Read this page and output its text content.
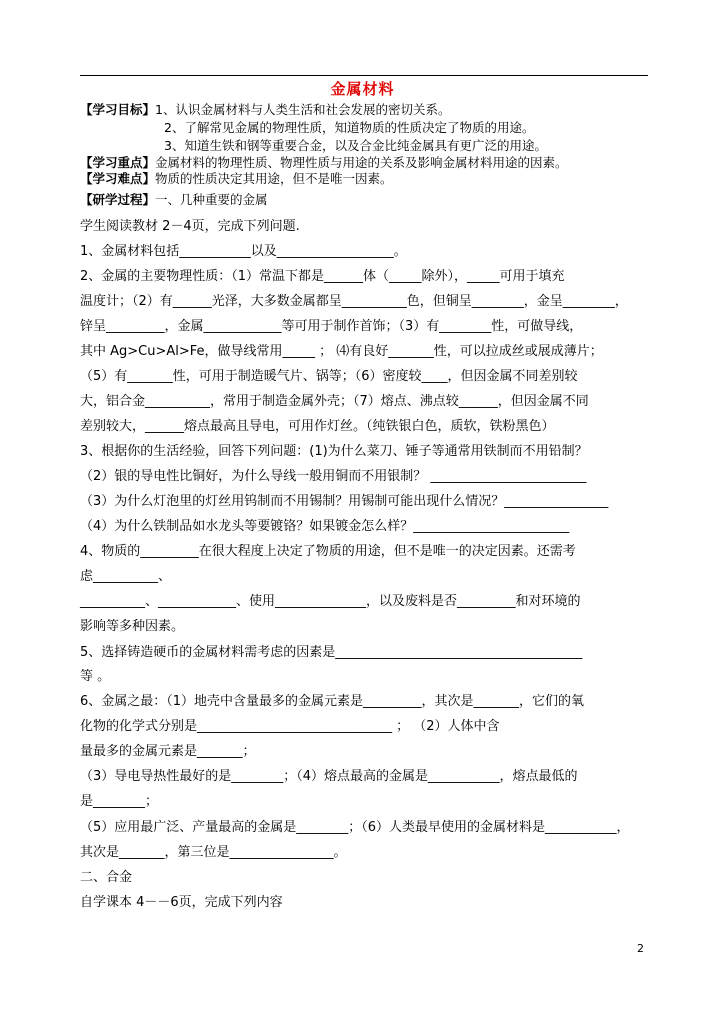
金属材料
【学习目标】1、认识金属材料与人类生活和社会发展的密切关系。
2、了解常见金属的物理性质，知道物质的性质决定了物质的用途。
3、知道生铁和钢等重要合金，以及合金比纯金属具有更广泛的用途。
【学习重点】金属材料的物理性质、物理性质与用途的关系及影响金属材料用途的因素。
【学习难点】物质的性质决定其用途，但不是唯一因素。
【研学过程】一、几种重要的金属
学生阅读教材 2－4页，完成下列问题.
1、金属材料包括___________以及__________________。
2、金属的主要物理性质：（1）常温下都是______体（_____除外），_____可用于填充
温度计；（2）有______光泽，大多数金属都呈__________色，但铜呈________，金呈________，
锌呈_________，金属____________等可用于制作首饰；（3）有________性，可做导线，
其中 Ag>Cu>Al>Fe，做导线常用_____ ； ⑷有良好_______性，可以拉成丝或展成薄片；
（5）有_______性，可用于制造暖气片、锅等；（6）密度较____，但因金属不同差别较
大，铝合金__________，常用于制造金属外壳；（7）熔点、沸点较______，但因金属不同
差别较大，______熔点最高且导电，可用作灯丝。（纯铁银白色，质软，铁粉黑色）
3、根据你的生活经验，回答下列问题：(1)为什么菜刀、锤子等通常用铁制而不用铅制？
（2）银的导电性比铜好，为什么导线一般用铜而不用银制？ ________________________
（3）为什么灯泡里的灯丝用钨制而不用锡制？用锡制可能出现什么情况？________________
（4）为什么铁制品如水龙头等要镀铬？如果镀金怎么样？________________________
4、物质的_________在很大程度上决定了物质的用途，但不是唯一的决定因素。还需考
虑__________、
__________、____________、使用______________，以及废料是否_________和对环境的
影响等多种因素。
5、选择铸造硬币的金属材料需考虑的因素是______________________________________
等 。
6、金属之最：（1）地壳中含量最多的金属元素是_________，其次是_______，它们的氧
化物的化学式分别是______________________________ ； （2）人体中含
量最多的金属元素是_______；
（3）导电导热性最好的是________；（4）熔点最高的金属是___________，熔点最低的
是________；
（5）应用最广泛、产量最高的金属是________；（6）人类最早使用的金属材料是___________，
其次是_______，第三位是________________。
二、合金
自学课本 4－－6页，完成下列内容
2
